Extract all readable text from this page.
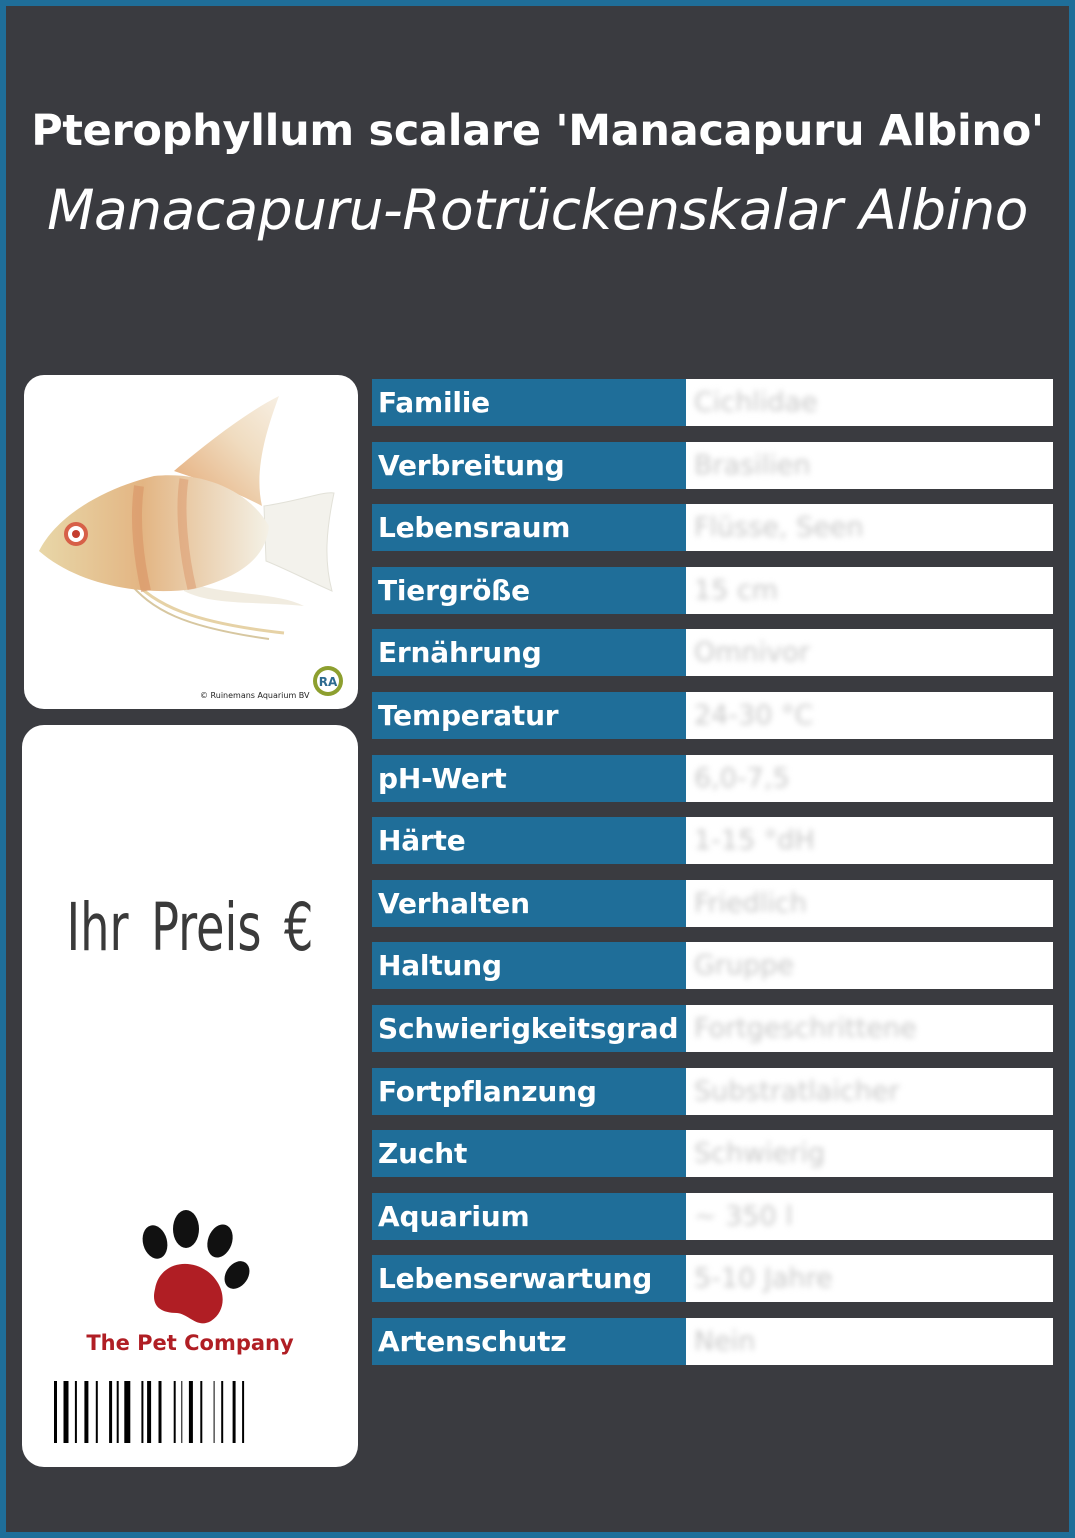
Pterophyllum scalare 'Manacapuru Albino'
Manacapuru-Rotrückenskalar Albino
© Ruinemans Aquarium BV
RA
Ihr Preis €
The Pet Company
Familie	Cichlidae
Verbreitung	Brasilien
Lebensraum	Flüsse, Seen
Tiergröße	15 cm
Ernährung	Omnivor
Temperatur	24-30 °C
pH-Wert	6,0-7,5
Härte	1-15 °dH
Verhalten	Friedlich
Haltung	Gruppe
Schwierigkeitsgrad Fortgeschrittene
Fortpflanzung	Substratlaicher
Zucht	Schwierig
Aquarium	~ 350 l
Lebenserwartung	5-10 Jahre
Artenschutz	Nein
